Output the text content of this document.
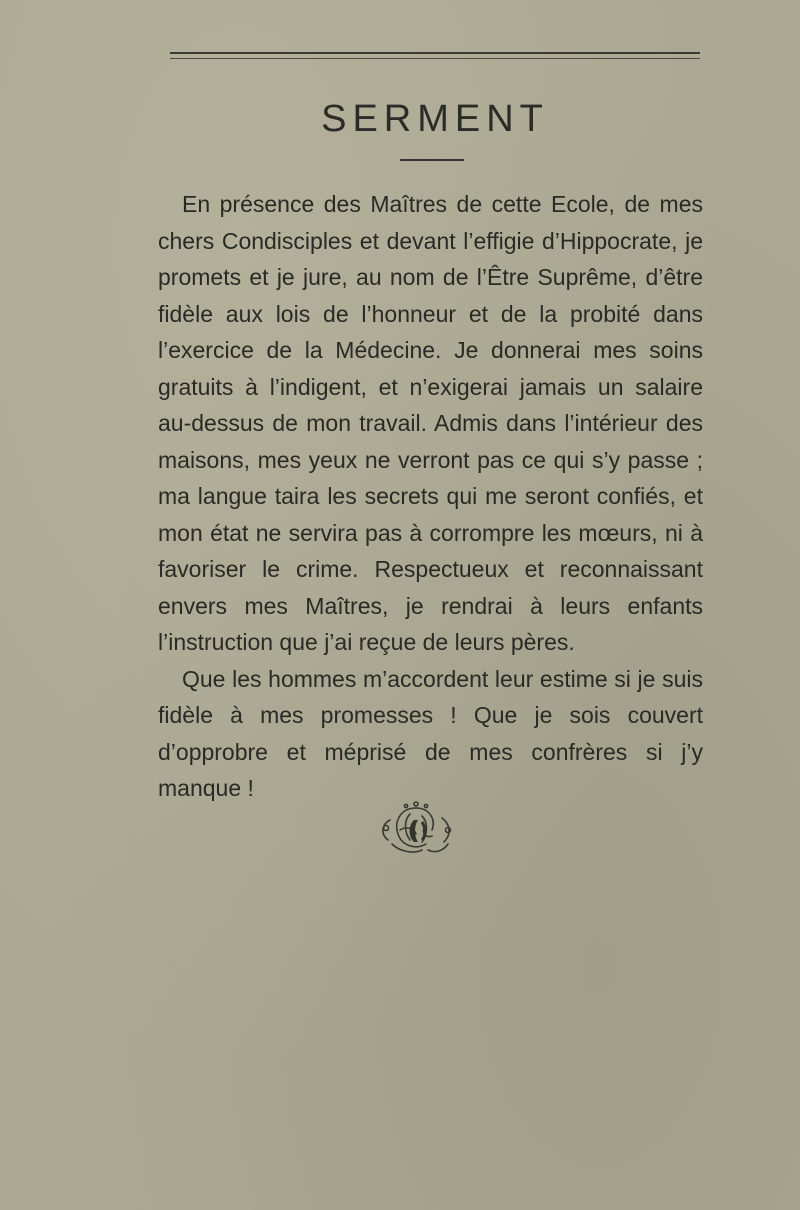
SERMENT

En présence des Maîtres de cette Ecole, de mes chers Condisciples et devant l’effigie d’Hippocrate, je promets et je jure, au nom de l’Être Suprême, d’être fidèle aux lois de l’honneur et de la probité dans l’exercice de la Médecine. Je donnerai mes soins gratuits à l’indigent, et n’exigerai jamais un salaire au-dessus de mon travail. Admis dans l’intérieur des maisons, mes yeux ne verront pas ce qui s’y passe ; ma langue taira les secrets qui me seront confiés, et mon état ne servira pas à corrompre les mœurs, ni à favoriser le crime. Respectueux et reconnaissant envers mes Maîtres, je rendrai à leurs enfants l’instruction que j’ai reçue de leurs pères.

Que les hommes m’accordent leur estime si je suis fidèle à mes promesses ! Que je sois couvert d’opprobre et méprisé de mes confrères si j’y manque !
